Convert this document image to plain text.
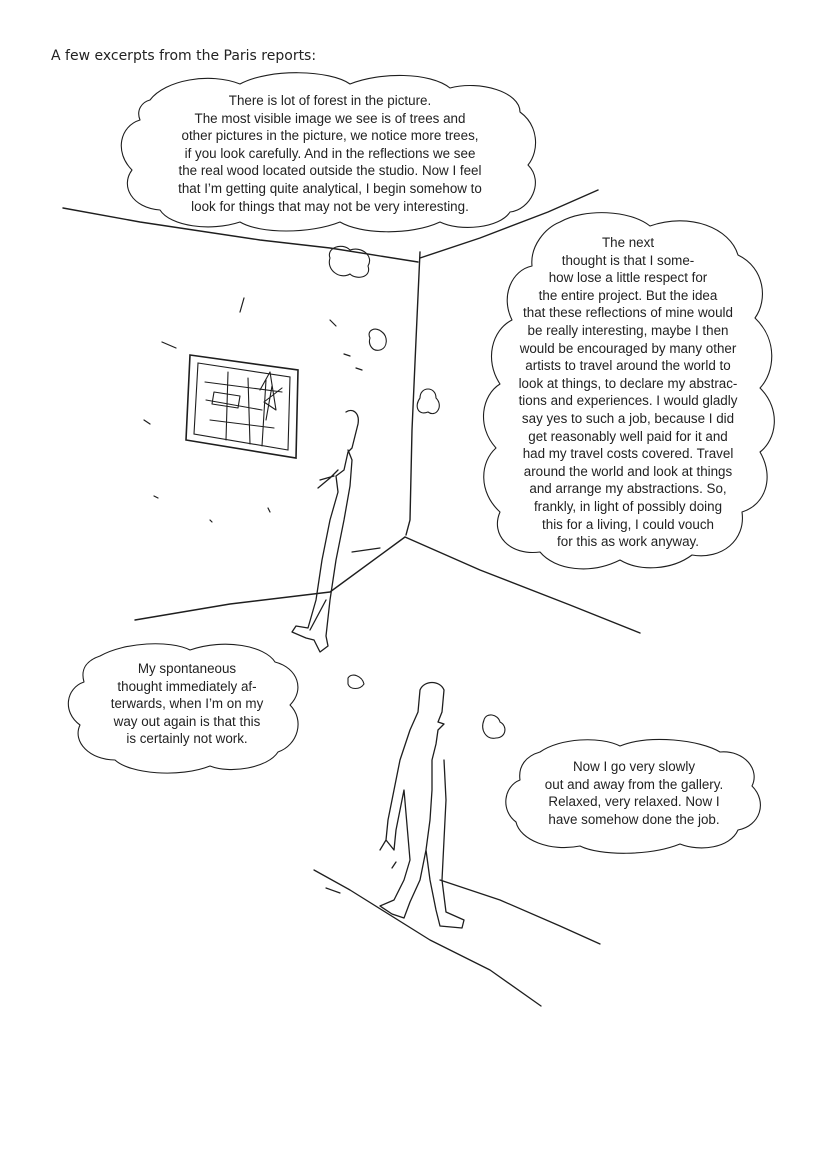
A few excerpts from the Paris reports:
There is lot of forest in the picture.
The most visible image we see is of trees and
other pictures in the picture, we notice more trees,
if you look carefully. And in the reflections we see
the real wood located outside the studio. Now I feel
that I’m getting quite analytical, I begin somehow to
look for things that may not be very interesting.
The next
thought is that I some-
how lose a little respect for
the entire project. But the idea
that these reflections of mine would
be really interesting, maybe I then
would be encouraged by many other
artists to travel around the world to
look at things, to declare my abstrac-
tions and experiences. I would gladly
say yes to such a job, because I did
get reasonably well paid for it and
had my travel costs covered. Travel
around the world and look at things
and arrange my abstractions. So,
frankly, in light of possibly doing
this for a living, I could vouch
for this as work anyway.
My spontaneous
thought immediately af-
terwards, when I’m on my
way out again is that this
is certainly not work.
Now I go very slowly
out and away from the gallery.
Relaxed, very relaxed. Now I
have somehow done the job.
